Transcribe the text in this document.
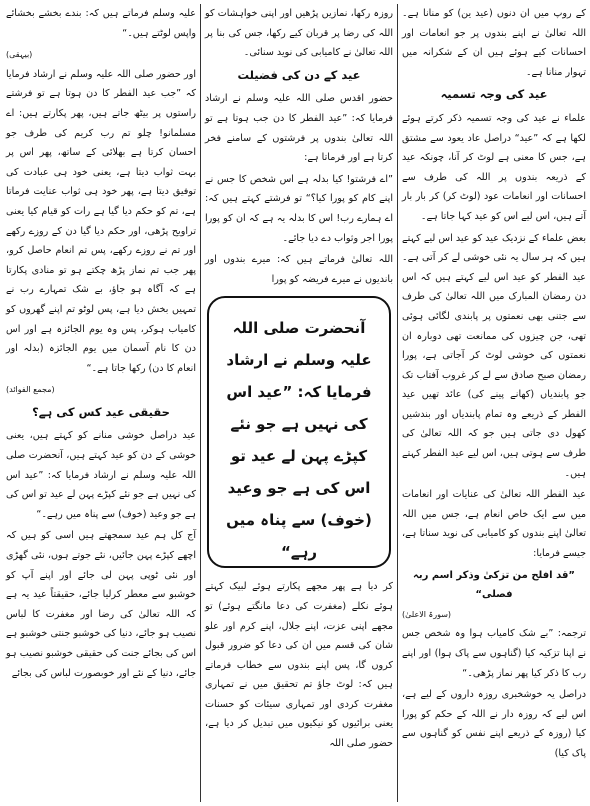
کے روپ میں ان دنوں (عید ین) کو منانا ہے۔ اللہ تعالیٰ نے اپنے بندوں پر جو انعامات اور احسانات کیے ہوئے ہیں ان کے شکرانہ میں تہوار منانا ہے۔

عید کی وجہ تسمیہ

علماء نے عید کی وجہ تسمیہ ذکر کرتے ہوئے لکھا ہے کہ ”عید“ دراصل عاد یعود سے مشتق ہے، جس کا معنی ہے لوٹ کر آنا، چونکہ عید کے ذریعہ بندوں پر اللہ کی طرف سے احسانات اور انعامات عود (لوٹ کر) کر بار بار آتے ہیں، اس لیے اس کو عید کہا جاتا ہے۔

بعض علماء کے نزدیک عید کو عید اس لیے کہتے ہیں کہ ہر سال یہ نئی خوشی لے کر آتی ہے۔ عید الفطر کو عید اس لیے کہتے ہیں کہ اس دن رمضان المبارک میں اللہ تعالیٰ کی طرف سے جتنی بھی نعمتوں پر پابندی لگائی ہوئی تھی، جن چیزوں کی ممانعت تھی دوبارہ ان نعمتوں کی خوشی لوٹ کر آجاتی ہے، پورا رمضان صبح صادق سے لے کر غروب آفتاب تک جو پابندیاں (کھانے پینے کی) عائد تھیں عید الفطر کے ذریعے وہ تمام پابندیاں اور بندشیں کھول دی جاتی ہیں جو کہ اللہ تعالیٰ کی طرف سے ہوتی ہیں، اس لیے عید الفطر کہتے ہیں۔

عید الفطر اللہ تعالیٰ کی عنایات اور انعامات میں سے ایک خاص انعام ہے، جس میں اللہ تعالیٰ اپنے بندوں کو کامیابی کی نوید سناتا ہے، جیسے فرمایا:

”قد افلح من تزکیٰ وذکر اسم ربہ فصلی“
(سورۃ الاعلیٰ)

ترجمہ: ”بے شک کامیاب ہوا وہ شخص جس نے اپنا تزکیہ کیا (گناہوں سے پاک ہوا) اور اپنے رب کا ذکر کیا پھر نماز پڑھی۔“

دراصل یہ خوشخبری روزہ داروں کے لیے ہے، اس لیے کہ روزہ دار نے اللہ کے حکم کو پورا کیا (روزہ کے ذریعے اپنے نفس کو گناہوں سے پاک کیا)

روزہ رکھا، نمازیں پڑھیں اور اپنی خواہشات کو اللہ کی رضا پر قربان کیے رکھا، جس کی بنا پر اللہ تعالیٰ نے کامیابی کی نوید سنائی۔

عید کے دن کی فضیلت

حضور اقدس صلی اللہ علیہ وسلم نے ارشاد فرمایا کہ: ”عید الفطر کا دن جب ہوتا ہے تو اللہ تعالیٰ بندوں پر فرشتوں کے سامنے فخر کرتا ہے اور فرماتا ہے:

”اے فرشتو! کیا بدلہ ہے اس شخص کا جس نے اپنے کام کو پورا کیا؟“ تو فرشتے کہتے ہیں کہ: اے ہمارے رب! اس کا بدلہ یہ ہے کہ ان کو پورا پورا اجر وثواب دے دیا جائے۔

اللہ تعالیٰ فرماتے ہیں کہ: میرے بندوں اور باندیوں نے میرے فریضہ کو پورا

کر دیا ہے پھر مجھے پکارتے ہوئے لبیک کہتے ہوئے نکلے (مغفرت کی دعا مانگتے ہوئے) تو مجھے اپنی عزت، اپنے جلال، اپنے کرم اور علو شان کی قسم میں ان کی دعا کو ضرور قبول کروں گا، پس اپنے بندوں سے خطاب فرماتے ہیں کہ: لوٹ جاؤ تم تحقیق میں نے تمہاری مغفرت کردی اور تمہاری سیئات کو حسنات یعنی برائیوں کو نیکیوں میں تبدیل کر دیا ہے، حضور صلی اللہ

آنحضرت صلی اللہ علیہ وسلم نے ارشاد فرمایا کہ: ”عید اس کی نہیں ہے جو نئے کپڑے پہن لے عید تو اس کی ہے جو وعید (خوف) سے پناہ میں رہے“

علیہ وسلم فرماتے ہیں کہ: بندے بخشے بخشائے واپس لوٹتے ہیں۔“

(بیہقی)

اور حضور صلی اللہ علیہ وسلم نے ارشاد فرمایا کہ ”جب عید الفطر کا دن ہوتا ہے تو فرشتے راستوں پر بیٹھ جاتے ہیں، پھر پکارتے ہیں: اے مسلمانو! چلو تم رب کریم کی طرف جو احسان کرتا ہے بھلائی کے ساتھ، پھر اس پر بہت ثواب دیتا ہے، یعنی خود ہی عبادت کی توفیق دیتا ہے، پھر خود ہی ثواب عنایت فرماتا ہے، تم کو حکم دیا گیا ہے رات کو قیام کیا یعنی تراویح پڑھی، اور حکم دیا گیا دن کے روزے رکھے اور تم نے روزے رکھے، پس تم انعام حاصل کرو، پھر جب تم نماز پڑھ چکتے ہو تو منادی پکارتا ہے کہ آگاہ ہو جاؤ، بے شک تمہارے رب نے تمہیں بخش دیا ہے، پس لوٹو تم اپنے گھروں کو کامیاب ہوکر، پس وہ یوم الجائزہ ہے اور اس دن کا نام آسمان میں یوم الجائزہ (بدلہ اور انعام کا دن) رکھا جاتا ہے۔“

(مجمع الفوائد)
حقیقی عید کس کی ہے؟

عید دراصل خوشی منانے کو کہتے ہیں، یعنی خوشی کے دن کو عید کہتے ہیں، آنحضرت صلی اللہ علیہ وسلم نے ارشاد فرمایا کہ: ”عید اس کی نہیں ہے جو نئے کپڑے پہن لے عید تو اس کی ہے جو وعید (خوف) سے پناہ میں رہے۔“

آج کل ہم عید سمجھتے ہیں اسی کو ہیں کہ اچھے کپڑے پہن جائیں، نئے جوتے ہوں، نئی گھڑی اور نئی ٹوپی پہن لی جائے اور اپنے آپ کو خوشبو سے معطر کرلیا جائے، حقیقتاً عید یہ ہے کہ اللہ تعالیٰ کی رضا اور مغفرت کا لباس نصیب ہو جائے، دنیا کی خوشبو جنتی خوشبو ہے اس کی بجائے جنت کی حقیقی خوشبو نصیب ہو جائے، دنیا کے نئے اور خوبصورت لباس کی بجائے
